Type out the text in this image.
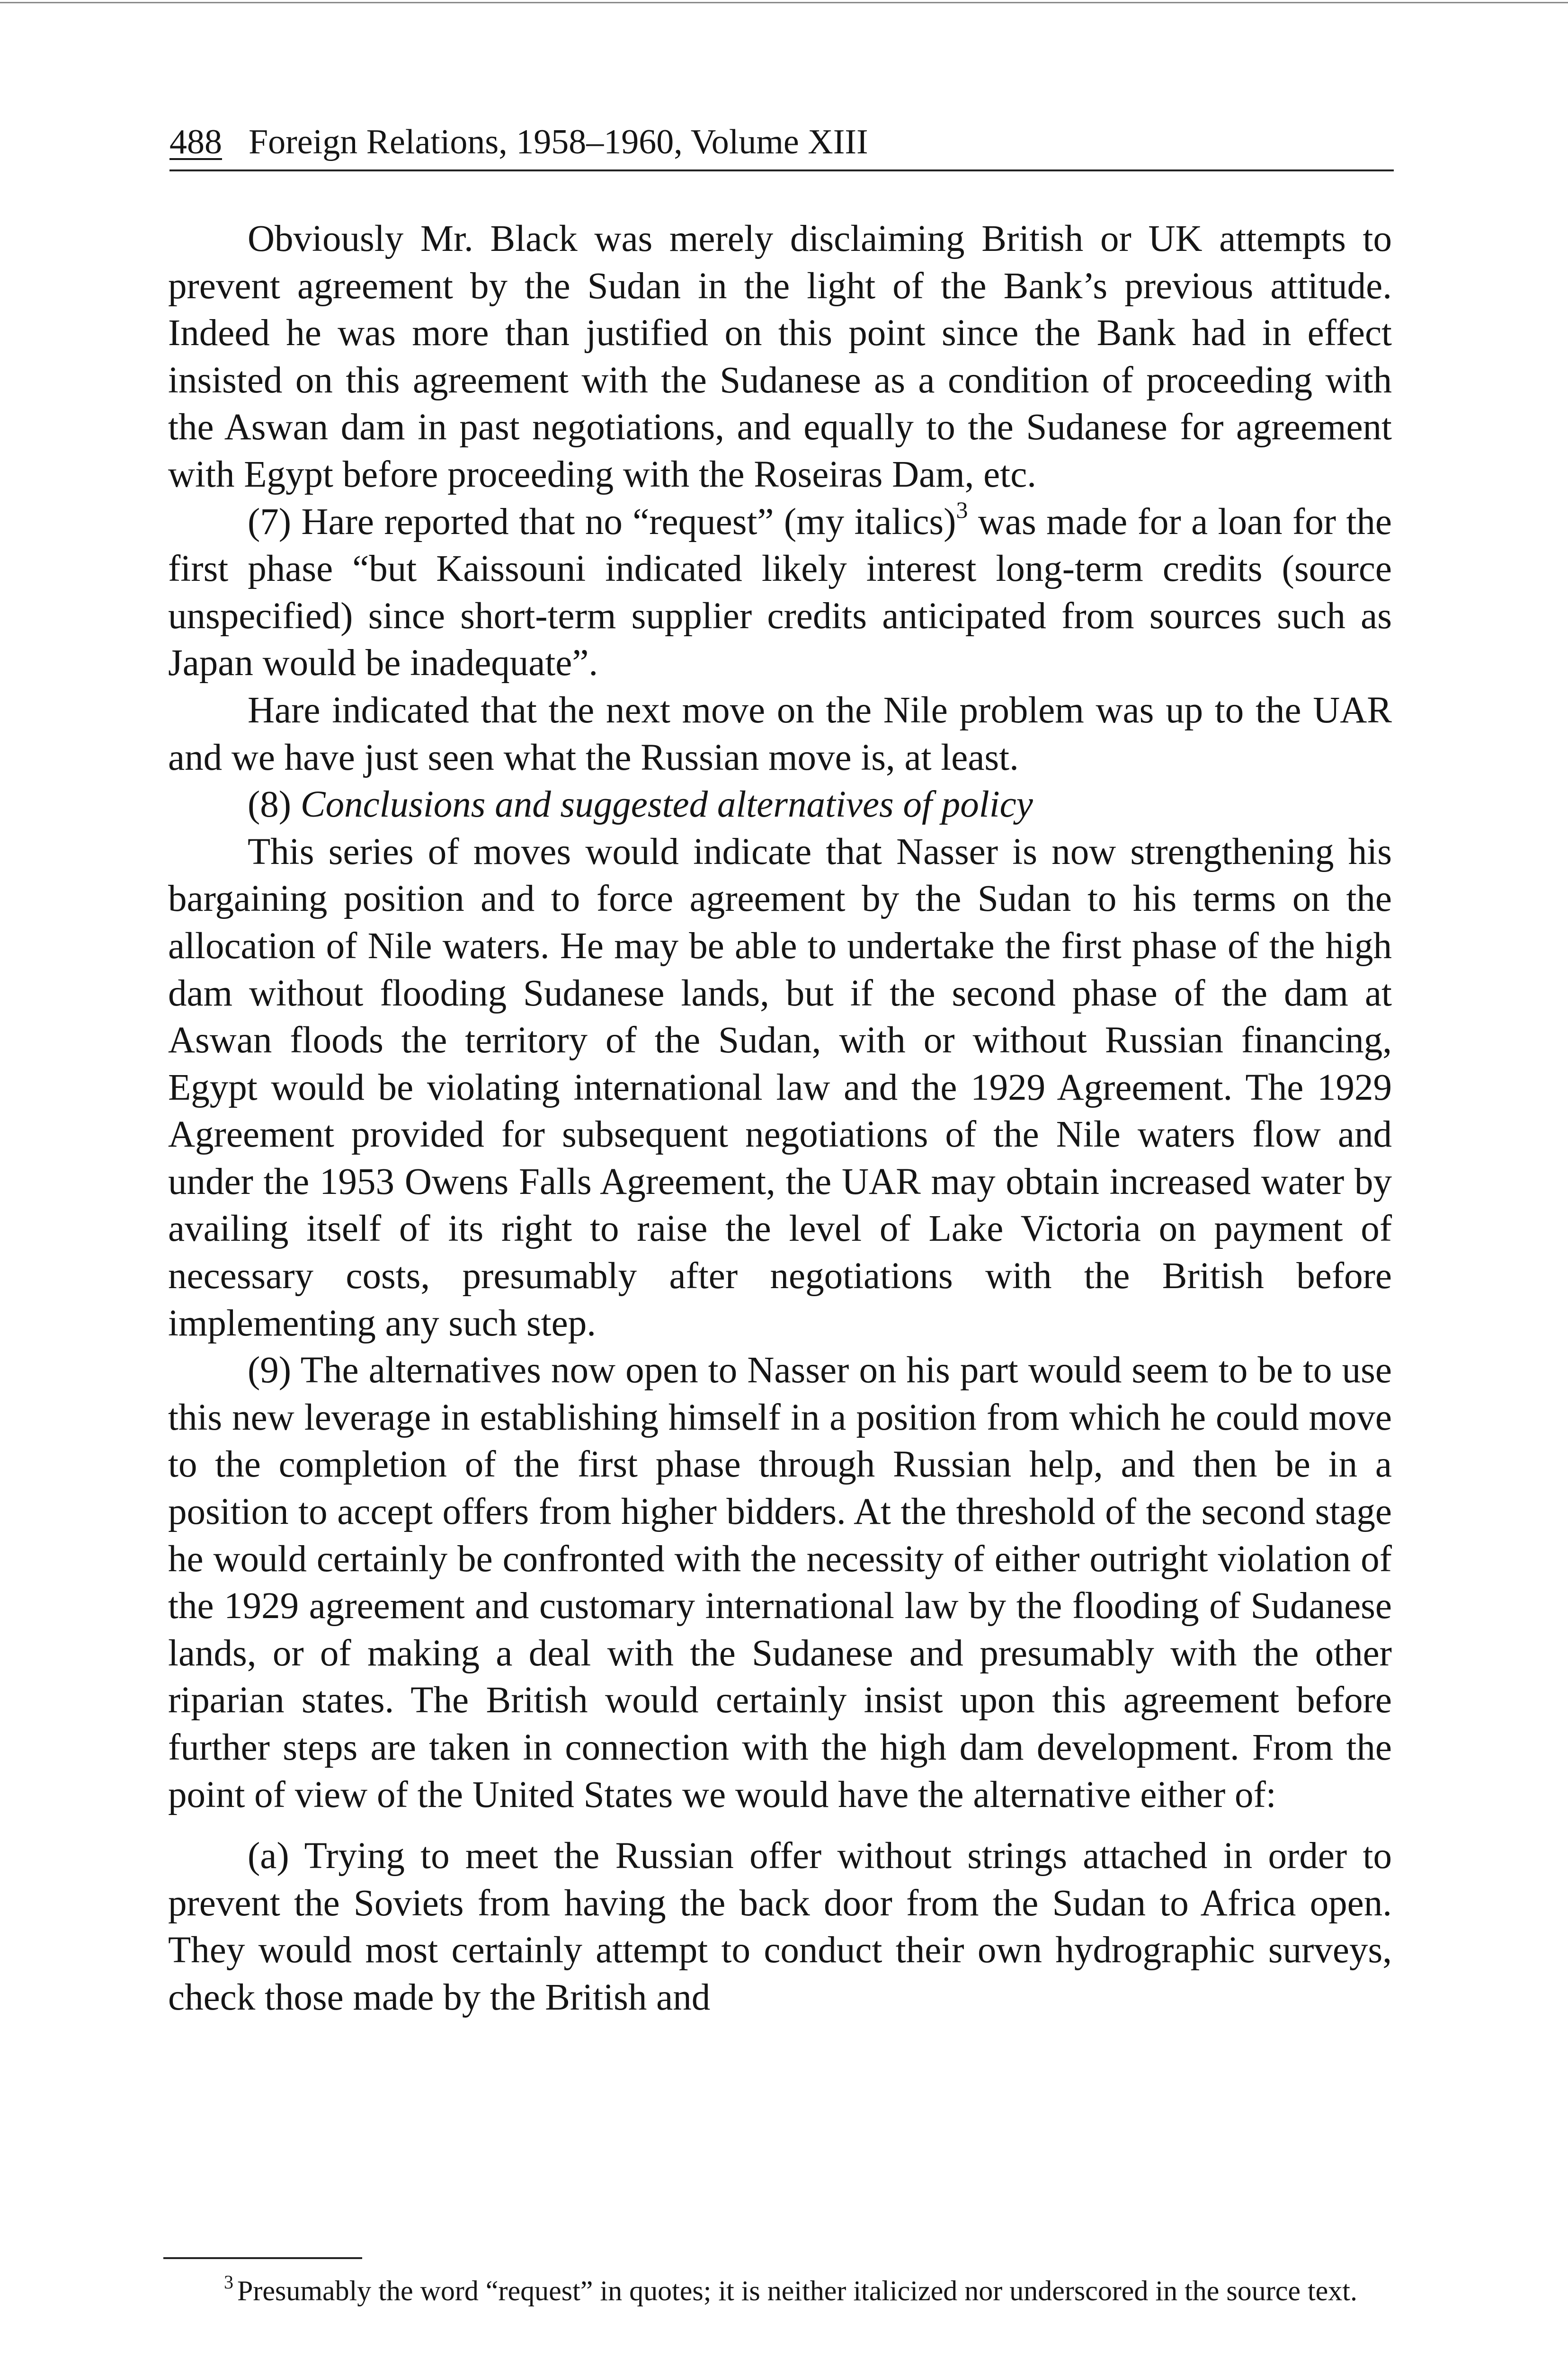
488 Foreign Relations, 1958–1960, Volume XIII

Obviously Mr. Black was merely disclaiming British or UK attempts to prevent agreement by the Sudan in the light of the Bank’s previous attitude. Indeed he was more than justified on this point since the Bank had in effect insisted on this agreement with the Sudanese as a condition of proceeding with the Aswan dam in past negotiations, and equally to the Sudanese for agreement with Egypt before proceeding with the Roseiras Dam, etc.

(7) Hare reported that no “request” (my italics)$^3$ was made for a loan for the first phase “but Kaissouni indicated likely interest long-term credits (source unspecified) since short-term supplier credits anticipated from sources such as Japan would be inadequate”.

Hare indicated that the next move on the Nile problem was up to the UAR and we have just seen what the Russian move is, at least.

(8) Conclusions and suggested alternatives of policy

This series of moves would indicate that Nasser is now strengthening his bargaining position and to force agreement by the Sudan to his terms on the allocation of Nile waters. He may be able to undertake the first phase of the high dam without flooding Sudanese lands, but if the second phase of the dam at Aswan floods the territory of the Sudan, with or without Russian financing, Egypt would be violating international law and the 1929 Agreement. The 1929 Agreement provided for subsequent negotiations of the Nile waters flow and under the 1953 Owens Falls Agreement, the UAR may obtain increased water by availing itself of its right to raise the level of Lake Victoria on payment of necessary costs, presumably after negotiations with the British before implementing any such step.

(9) The alternatives now open to Nasser on his part would seem to be to use this new leverage in establishing himself in a position from which he could move to the completion of the first phase through Russian help, and then be in a position to accept offers from higher bidders. At the threshold of the second stage he would certainly be confronted with the necessity of either outright violation of the 1929 agreement and customary international law by the flooding of Sudanese lands, or of making a deal with the Sudanese and presumably with the other riparian states. The British would certainly insist upon this agreement before further steps are taken in connection with the high dam development. From the point of view of the United States we would have the alternative either of:

(a) Trying to meet the Russian offer without strings attached in order to prevent the Soviets from having the back door from the Sudan to Africa open. They would most certainly attempt to conduct their own hydrographic surveys, check those made by the British and

$^3$ Presumably the word “request” in quotes; it is neither italicized nor underscored in the source text.
